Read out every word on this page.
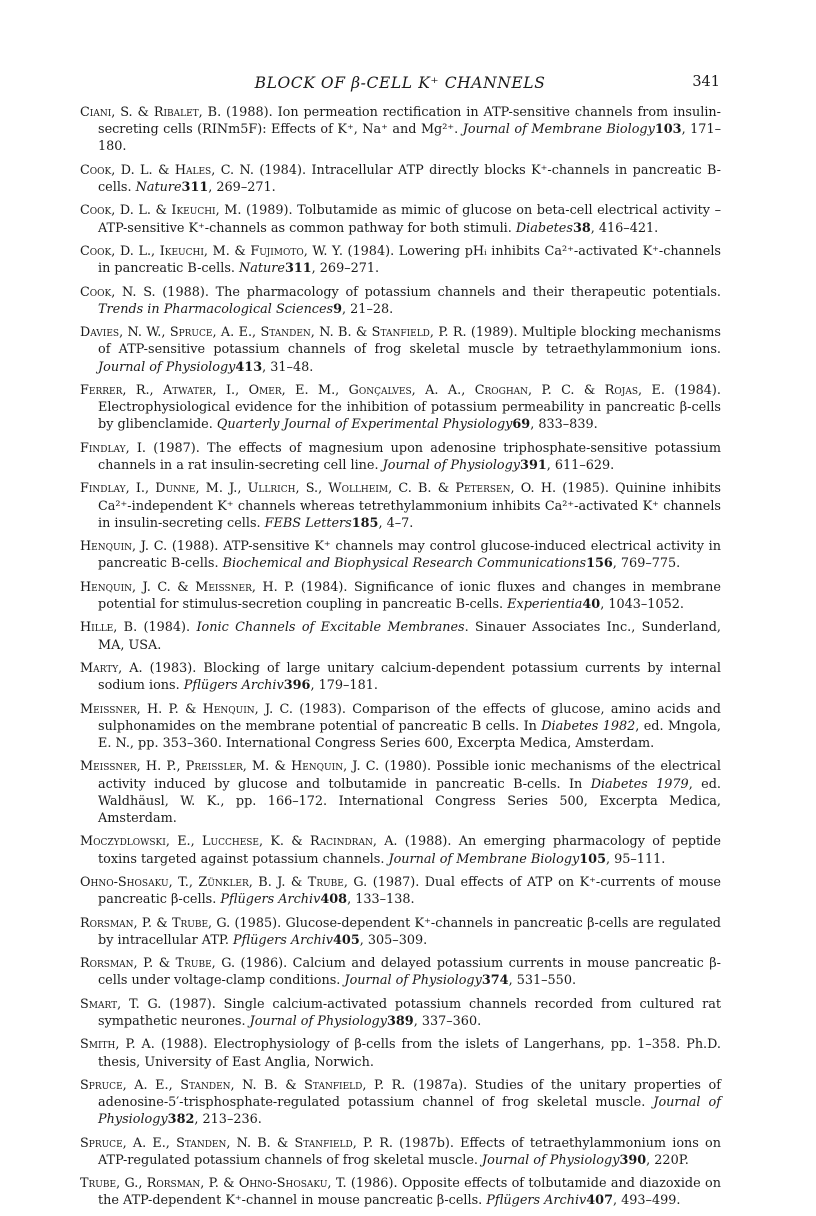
BLOCK OF β-CELL K⁺ CHANNELS	341
Ciani, S. & Ribalet, B. (1988). Ion permeation rectification in ATP-sensitive channels from insulin-secreting cells (RINm5F): Effects of K⁺, Na⁺ and Mg²⁺. Journal of Membrane Biology103, 171–180.
Cook, D. L. & Hales, C. N. (1984). Intracellular ATP directly blocks K⁺-channels in pancreatic B-cells. Nature311, 269–271.
Cook, D. L. & Ikeuchi, M. (1989). Tolbutamide as mimic of glucose on beta-cell electrical activity – ATP-sensitive K⁺-channels as common pathway for both stimuli. Diabetes38, 416–421.
Cook, D. L., Ikeuchi, M. & Fujimoto, W. Y. (1984). Lowering pHᵢ inhibits Ca²⁺-activated K⁺-channels in pancreatic B-cells. Nature311, 269–271.
Cook, N. S. (1988). The pharmacology of potassium channels and their therapeutic potentials. Trends in Pharmacological Sciences9, 21–28.
Davies, N. W., Spruce, A. E., Standen, N. B. & Stanfield, P. R. (1989). Multiple blocking mechanisms of ATP-sensitive potassium channels of frog skeletal muscle by tetraethylammonium ions. Journal of Physiology413, 31–48.
Ferrer, R., Atwater, I., Omer, E. M., Gonçalves, A. A., Croghan, P. C. & Rojas, E. (1984). Electrophysiological evidence for the inhibition of potassium permeability in pancreatic β-cells by glibenclamide. Quarterly Journal of Experimental Physiology69, 833–839.
Findlay, I. (1987). The effects of magnesium upon adenosine triphosphate-sensitive potassium channels in a rat insulin-secreting cell line. Journal of Physiology391, 611–629.
Findlay, I., Dunne, M. J., Ullrich, S., Wollheim, C. B. & Petersen, O. H. (1985). Quinine inhibits Ca²⁺-independent K⁺ channels whereas tetrethylammonium inhibits Ca²⁺-activated K⁺ channels in insulin-secreting cells. FEBS Letters185, 4–7.
Henquin, J. C. (1988). ATP-sensitive K⁺ channels may control glucose-induced electrical activity in pancreatic B-cells. Biochemical and Biophysical Research Communications156, 769–775.
Henquin, J. C. & Meissner, H. P. (1984). Significance of ionic fluxes and changes in membrane potential for stimulus-secretion coupling in pancreatic B-cells. Experientia40, 1043–1052.
Hille, B. (1984). Ionic Channels of Excitable Membranes. Sinauer Associates Inc., Sunderland, MA, USA.
Marty, A. (1983). Blocking of large unitary calcium-dependent potassium currents by internal sodium ions. Pflügers Archiv396, 179–181.
Meissner, H. P. & Henquin, J. C. (1983). Comparison of the effects of glucose, amino acids and sulphonamides on the membrane potential of pancreatic B cells. In Diabetes 1982, ed. Mngola, E. N., pp. 353–360. International Congress Series 600, Excerpta Medica, Amsterdam.
Meissner, H. P., Preissler, M. & Henquin, J. C. (1980). Possible ionic mechanisms of the electrical activity induced by glucose and tolbutamide in pancreatic B-cells. In Diabetes 1979, ed. Waldhäusl, W. K., pp. 166–172. International Congress Series 500, Excerpta Medica, Amsterdam.
Moczydlowski, E., Lucchese, K. & Racindran, A. (1988). An emerging pharmacology of peptide toxins targeted against potassium channels. Journal of Membrane Biology105, 95–111.
Ohno-Shosaku, T., Zünkler, B. J. & Trube, G. (1987). Dual effects of ATP on K⁺-currents of mouse pancreatic β-cells. Pflügers Archiv408, 133–138.
Rorsman, P. & Trube, G. (1985). Glucose-dependent K⁺-channels in pancreatic β-cells are regulated by intracellular ATP. Pflügers Archiv405, 305–309.
Rorsman, P. & Trube, G. (1986). Calcium and delayed potassium currents in mouse pancreatic β-cells under voltage-clamp conditions. Journal of Physiology374, 531–550.
Smart, T. G. (1987). Single calcium-activated potassium channels recorded from cultured rat sympathetic neurones. Journal of Physiology389, 337–360.
Smith, P. A. (1988). Electrophysiology of β-cells from the islets of Langerhans, pp. 1–358. Ph.D. thesis, University of East Anglia, Norwich.
Spruce, A. E., Standen, N. B. & Stanfield, P. R. (1987a). Studies of the unitary properties of adenosine-5′-trisphosphate-regulated potassium channel of frog skeletal muscle. Journal of Physiology382, 213–236.
Spruce, A. E., Standen, N. B. & Stanfield, P. R. (1987b). Effects of tetraethylammonium ions on ATP-regulated potassium channels of frog skeletal muscle. Journal of Physiology390, 220P.
Trube, G., Rorsman, P. & Ohno-Shosaku, T. (1986). Opposite effects of tolbutamide and diazoxide on the ATP-dependent K⁺-channel in mouse pancreatic β-cells. Pflügers Archiv407, 493–499.
